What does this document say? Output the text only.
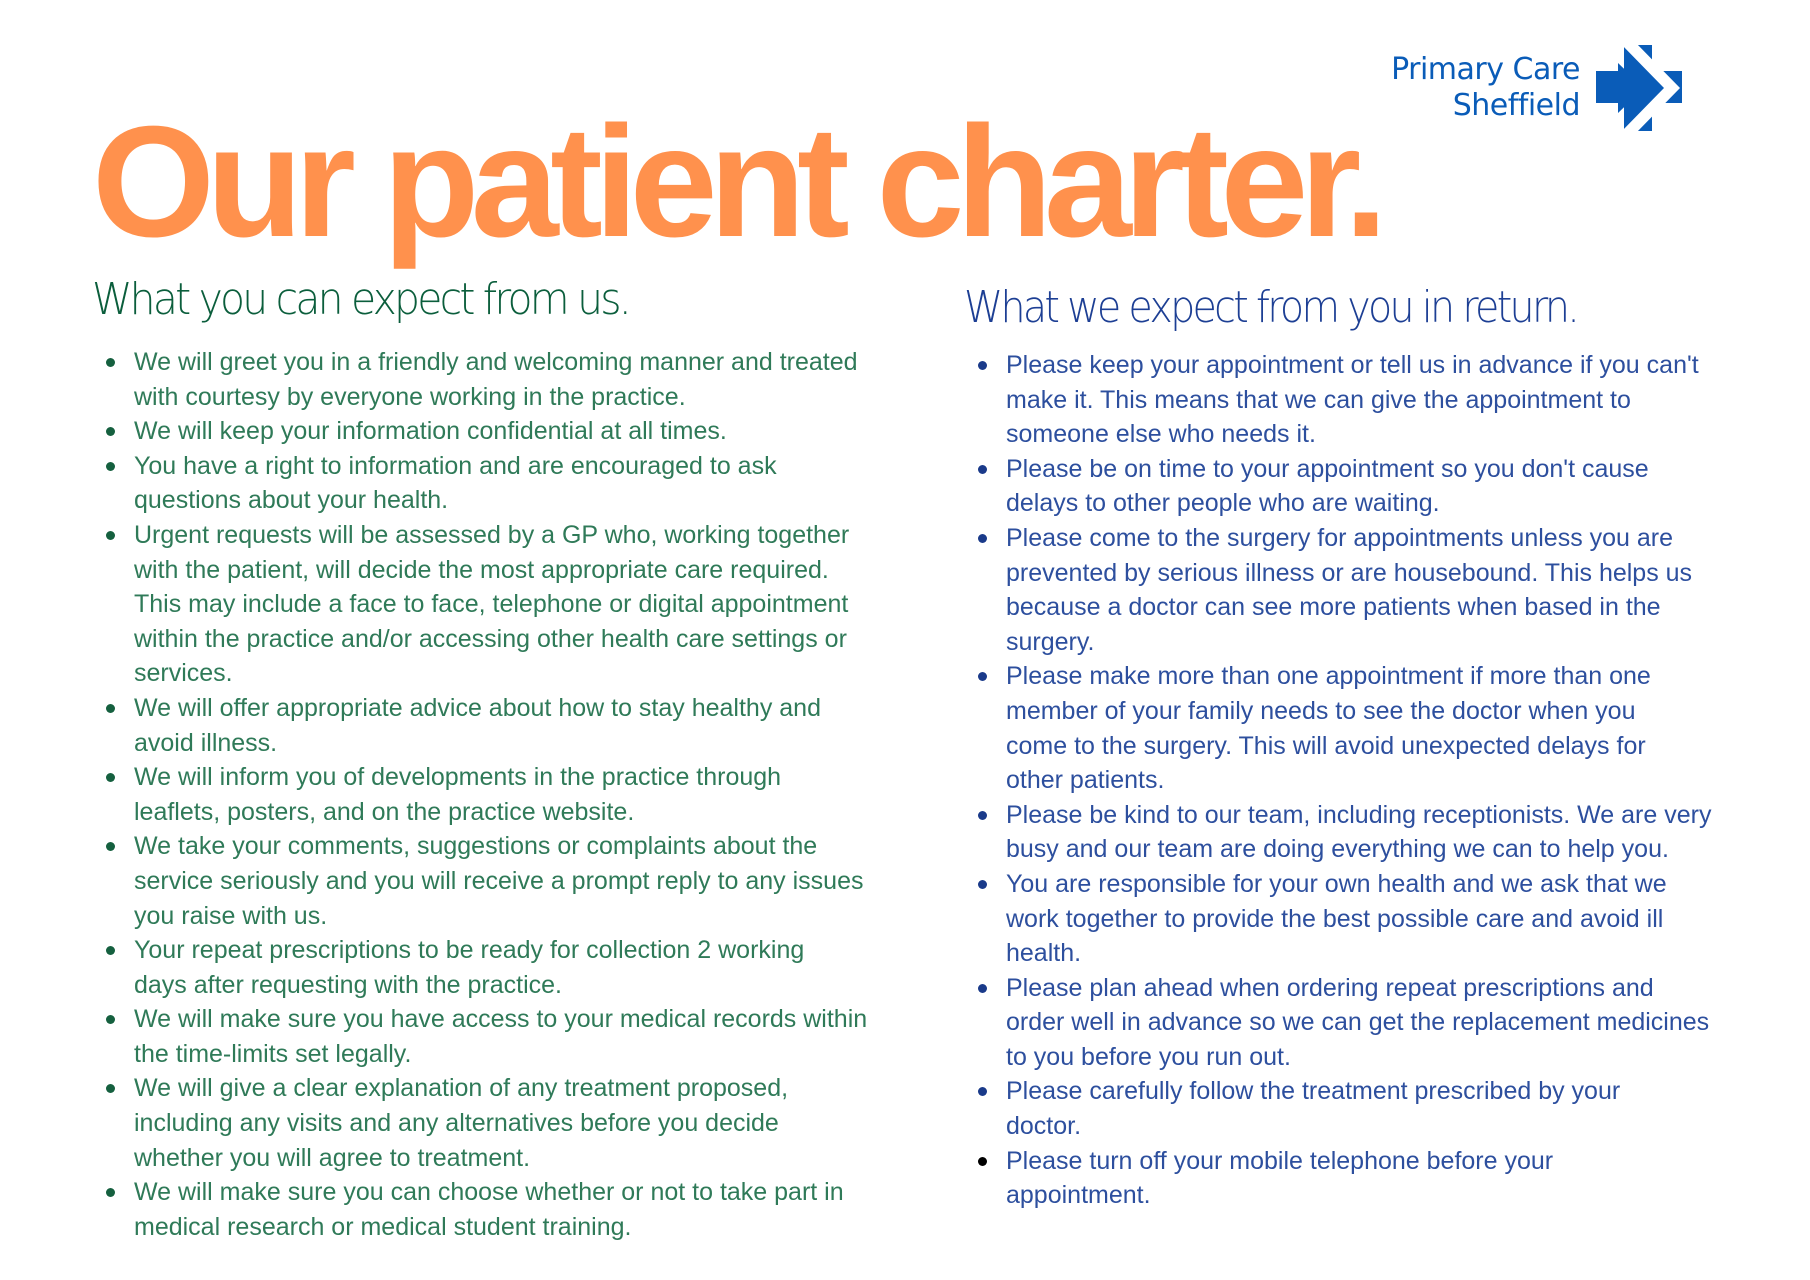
Primary Care
Sheffield
Our patient charter.
What you can expect from us.	What we expect from you in return.
We will greet you in a friendly and welcoming manner and treated
with courtesy by everyone working in the practice.
We will keep your information confidential at all times.
You have a right to information and are encouraged to ask
questions about your health.
Urgent requests will be assessed by a GP who, working together
with the patient, will decide the most appropriate care required.
This may include a face to face, telephone or digital appointment
within the practice and/or accessing other health care settings or
services.
We will offer appropriate advice about how to stay healthy and
avoid illness.
We will inform you of developments in the practice through
leaflets, posters, and on the practice website.
We take your comments, suggestions or complaints about the
service seriously and you will receive a prompt reply to any issues
you raise with us.
Your repeat prescriptions to be ready for collection 2 working
days after requesting with the practice.
We will make sure you have access to your medical records within
the time-limits set legally.
We will give a clear explanation of any treatment proposed,
including any visits and any alternatives before you decide
whether you will agree to treatment.
We will make sure you can choose whether or not to take part in
medical research or medical student training.
Please keep your appointment or tell us in advance if you can't
make it. This means that we can give the appointment to
someone else who needs it.
Please be on time to your appointment so you don't cause
delays to other people who are waiting.
Please come to the surgery for appointments unless you are
prevented by serious illness or are housebound. This helps us
because a doctor can see more patients when based in the
surgery.
Please make more than one appointment if more than one
member of your family needs to see the doctor when you
come to the surgery. This will avoid unexpected delays for
other patients.
Please be kind to our team, including receptionists. We are very
busy and our team are doing everything we can to help you.
You are responsible for your own health and we ask that we
work together to provide the best possible care and avoid ill
health.
Please plan ahead when ordering repeat prescriptions and
order well in advance so we can get the replacement medicines
to you before you run out.
Please carefully follow the treatment prescribed by your
doctor.
Please turn off your mobile telephone before your
appointment.
